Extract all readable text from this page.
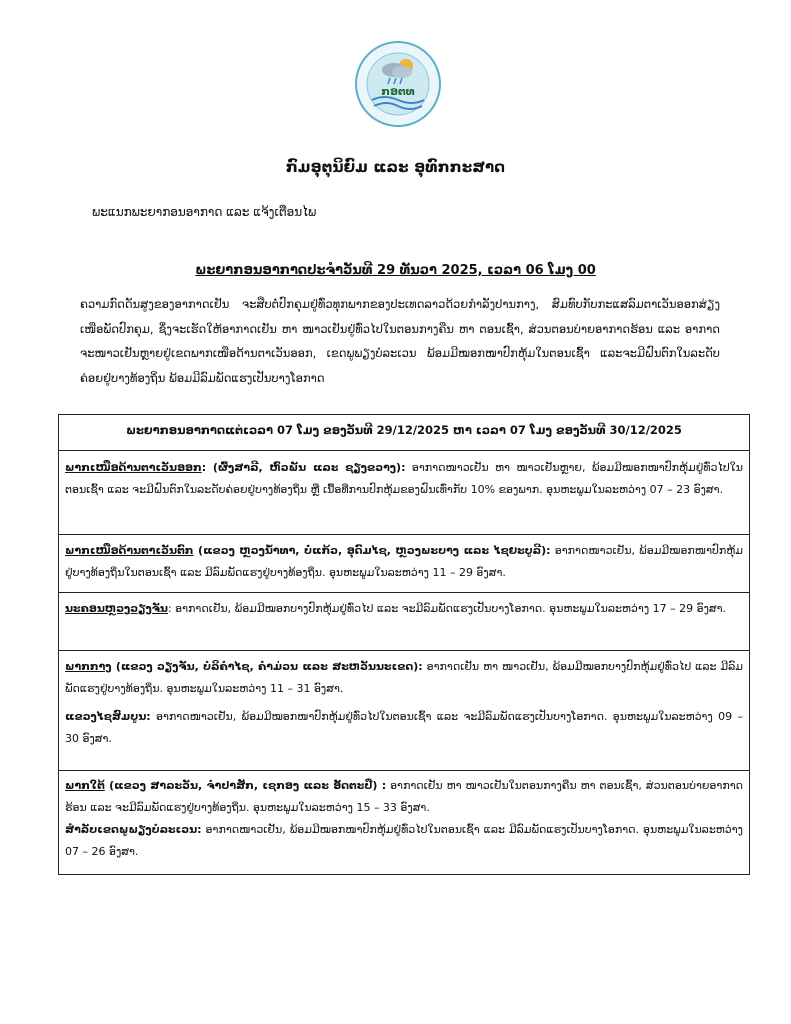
ກອຕທ
ກົມອຸຕຸນິຍົມ ແລະ ອຸທົກກະສາດ
ພະແນກພະຍາກອນອາກາດ ແລະ ແຈ້ງເຕືອນໄພ
ພະຍາກອນອາກາດປະຈຳວັນທີ 29 ທັນວາ 2025, ເວລາ 06 ໂມງ 00
ຄວາມກົດດັນສູງຂອງອາກາດເຢັນ ຈະສືບຕໍ່ປົກຄຸມຢູ່ທົ່ວທຸກພາກຂອງປະເທດລາວດ້ວຍກຳລັງປານກາງ, ສົມທົບກັບກະແສລົມຕາເວັນອອກສ່ຽງເໜືອພັດປົກຄຸມ, ຊຶ່ງຈະເຮັດໃຫ້ອາກາດເຢັນ ຫາ ໜາວເຢັນຢູ່ທົ່ວໄປໃນຕອນກາງຄືນ ຫາ ຕອນເຊົ້າ, ສ່ວນຕອນບ່າຍອາກາດຮ້ອນ ແລະ ອາກາດຈະໜາວເຢັນຫຼາຍຢູ່ເຂດພາກເໜືອດ້ານຕາເວັນອອກ, ເຂດພູພຽງບໍລະເວນ ພ້ອມມີໝອກໜາປົກຫຸ້ມໃນຕອນເຊົ້າ ແລະຈະມີຝົນຕົກໃນລະດັບຄ່ອຍຢູ່ບາງທ້ອງຖິ່ນ ພ້ອມມີລົມພັດແຮງເປັນບາງໂອກາດ
ພະຍາກອນອາກາດແຕ່ເວລາ 07 ໂມງ ຂອງວັນທີ 29/12/2025 ຫາ ເວລາ 07 ໂມງ ຂອງວັນທີ 30/12/2025
ພາກເໜືອດ້ານຕາເວັນອອກ: (ຜົ້ງສາລີ, ຫົວພັນ ແລະ ຊຽງຂວາງ): ອາກາດໜາວເຢັນ ຫາ ໜາວເຢັນຫຼາຍ, ພ້ອມມີໝອກໜາປົກຫຸ້ມຢູ່ທົ່ວໄປໃນຕອນເຊົ້າ ແລະ ຈະມີຝົນຕົກໃນລະດັບຄ່ອຍຢູ່ບາງທ້ອງຖິ່ນ ຫຼື ເນື້ອທີ່ການປົກຫຸ້ມຂອງຝົນເທົ່າກັບ 10% ຂອງພາກ. ອຸນຫະພູມໃນລະຫວ່າງ 07 – 23 ອົງສາ.
ພາກເໜືອດ້ານຕາເວັນຕົກ (ແຂວງ ຫຼວງນ້ຳທາ, ບໍ່ແກ້ວ, ອຸດົມໄຊ, ຫຼວງພະບາງ ແລະ ໄຊຍະບູລີ): ອາກາດໜາວເຢັນ, ພ້ອມມີໝອກໜາປົກຫຸ້ມຢູ່ບາງທ້ອງຖິ່ນໃນຕອນເຊົ້າ ແລະ ມີລົມພັດແຮງຢູ່ບາງທ້ອງຖິ່ນ. ອຸນຫະພູມໃນລະຫວ່າງ 11 – 29 ອົງສາ.
ນະຄອນຫຼວງວຽງຈັນ: ອາກາດເຢັນ, ພ້ອມມີໝອກບາງປົກຫຸ້ມຢູ່ທົ່ວໄປ ແລະ ຈະມີລົມພັດແຮງເປັນບາງໂອກາດ. ອຸນຫະພູມໃນລະຫວ່າງ 17 – 29 ອົງສາ.
ພາກກາງ (ແຂວງ ວຽງຈັນ, ບໍລິຄຳໄຊ, ຄຳມ່ວນ ແລະ ສະຫວັນນະເຂດ): ອາກາດເຢັນ ຫາ ໜາວເຢັນ, ພ້ອມມີໝອກບາງປົກຫຸ້ມຢູ່ທົ່ວໄປ ແລະ ມີລົມພັດແຮງຢູ່ບາງທ້ອງຖິ່ນ. ອຸນຫະພູມໃນລະຫວ່າງ 11 – 31 ອົງສາ.
ແຂວງໄຊສົມບູນ: ອາກາດໜາວເຢັນ, ພ້ອມມີໝອກໜາປົກຫຸ້ມຢູ່ທົ່ວໄປໃນຕອນເຊົ້າ ແລະ ຈະມີລົມພັດແຮງເປັນບາງໂອກາດ. ອຸນຫະພູມໃນລະຫວ່າງ 09 – 30 ອົງສາ.
ພາກໃຕ້ (ແຂວງ ສາລະວັນ, ຈຳປາສັກ, ເຊກອງ ແລະ ອັດຕະປື) : ອາກາດເຢັນ ຫາ ໜາວເຢັນໃນຕອນກາງຄືນ ຫາ ຕອນເຊົ້າ, ສ່ວນຕອນບ່າຍອາກາດຮ້ອນ ແລະ ຈະມີລົມພັດແຮງຢູ່ບາງທ້ອງຖິ່ນ. ອຸນຫະພູມໃນລະຫວ່າງ 15 – 33 ອົງສາ.
ສຳລັບເຂດພູພຽງບໍລະເວນ: ອາກາດໜາວເຢັນ, ພ້ອມມີໝອກໜາປົກຫຸ້ມຢູ່ທົ່ວໄປໃນຕອນເຊົ້າ ແລະ ມີລົມພັດແຮງເປັນບາງໂອກາດ. ອຸນຫະພູມໃນລະຫວ່າງ 07 – 26 ອົງສາ.
